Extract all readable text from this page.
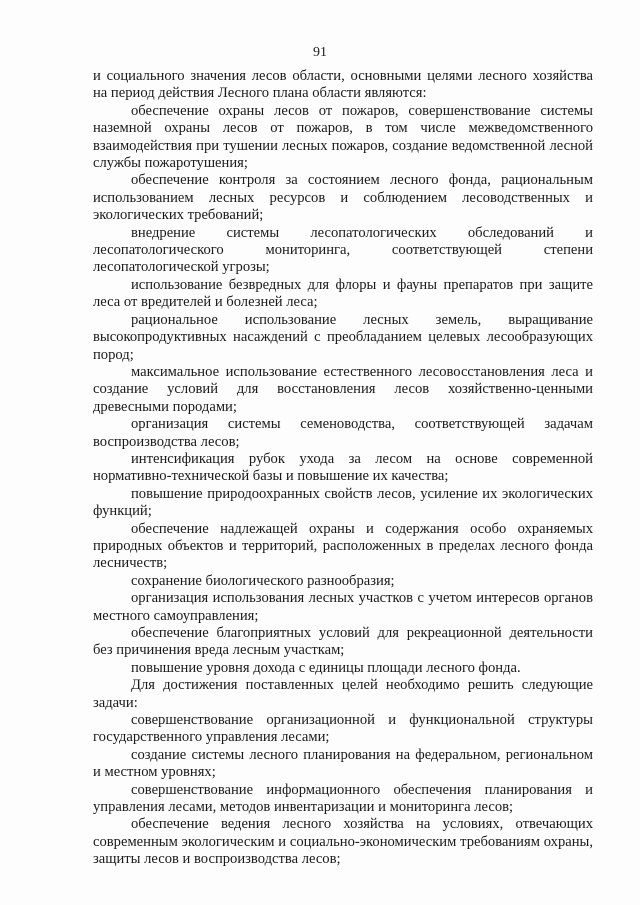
91

и социального значения лесов области, основными целями лесного хозяйства на период действия Лесного плана области являются:

обеспечение охраны лесов от пожаров, совершенствование системы наземной охраны лесов от пожаров, в том числе межведомственного взаимодействия при тушении лесных пожаров, создание ведомственной лесной службы пожаротушения;

обеспечение контроля за состоянием лесного фонда, рациональным использованием лесных ресурсов и соблюдением лесоводственных и экологических требований;

внедрение системы лесопатологических обследований и лесопатологического мониторинга, соответствующей степени лесопатологической угрозы;

использование безвредных для флоры и фауны препаратов при защите леса от вредителей и болезней леса;

рациональное использование лесных земель, выращивание высокопродуктивных насаждений с преобладанием целевых лесообразующих пород;

максимальное использование естественного лесовосстановления леса и создание условий для восстановления лесов хозяйственно-ценными древесными породами;

организация системы семеноводства, соответствующей задачам воспроизводства лесов;

интенсификация рубок ухода за лесом на основе современной нормативно-технической базы и повышение их качества;

повышение природоохранных свойств лесов, усиление их экологических функций;

обеспечение надлежащей охраны и содержания особо охраняемых природных объектов и территорий, расположенных в пределах лесного фонда лесничеств;

сохранение биологического разнообразия;

организация использования лесных участков с учетом интересов органов местного самоуправления;

обеспечение благоприятных условий для рекреационной деятельности без причинения вреда лесным участкам;

повышение уровня дохода с единицы площади лесного фонда.

Для достижения поставленных целей необходимо решить следующие задачи:

совершенствование организационной и функциональной структуры государственного управления лесами;

создание системы лесного планирования на федеральном, региональном и местном уровнях;

совершенствование информационного обеспечения планирования и управления лесами, методов инвентаризации и мониторинга лесов;

обеспечение ведения лесного хозяйства на условиях, отвечающих современным экологическим и социально-экономическим требованиям охраны, защиты лесов и воспроизводства лесов;
